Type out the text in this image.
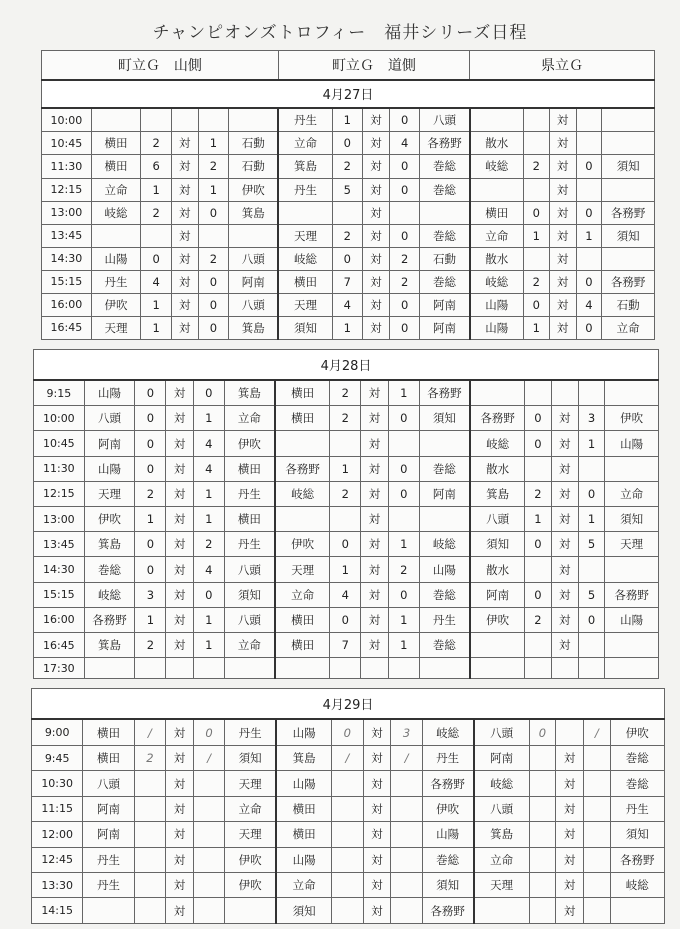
チャンピオンズトロフィー　福井シリーズ日程
町立Ｇ　山側						町立Ｇ　道側					県立Ｇ				
4月27日															
10:00						丹生	1	対	0	八頭			対		
10:45	横田	2	対	1	石動	立命	0	対	4	各務野	散水		対		
11:30	横田	6	対	2	石動	箕島	2	対	0	巻総	岐総	2	対	0	須知
12:15	立命	1	対	1	伊吹	丹生	5	対	0	巻総			対		
13:00	岐総	2	対	0	箕島			対			横田	0	対	0	各務野
13:45			対			天理	2	対	0	巻総	立命	1	対	1	須知
14:30	山陽	0	対	2	八頭	岐総	0	対	2	石動	散水		対		
15:15	丹生	4	対	0	阿南	横田	7	対	2	巻総	岐総	2	対	0	各務野
16:00	伊吹	1	対	0	八頭	天理	4	対	0	阿南	山陽	0	対	4	石動
16:45	天理	1	対	0	箕島	須知	1	対	0	阿南	山陽	1	対	0	立命
4月28日															
9:15	山陽	0	対	0	箕島	横田	2	対	1	各務野					
10:00	八頭	0	対	1	立命	横田	2	対	0	須知	各務野	0	対	3	伊吹
10:45	阿南	0	対	4	伊吹			対			岐総	0	対	1	山陽
11:30	山陽	0	対	4	横田	各務野	1	対	0	巻総	散水		対		
12:15	天理	2	対	1	丹生	岐総	2	対	0	阿南	箕島	2	対	0	立命
13:00	伊吹	1	対	1	横田			対			八頭	1	対	1	須知
13:45	箕島	0	対	2	丹生	伊吹	0	対	1	岐総	須知	0	対	5	天理
14:30	巻総	0	対	4	八頭	天理	1	対	2	山陽	散水		対		
15:15	岐総	3	対	0	須知	立命	4	対	0	巻総	阿南	0	対	5	各務野
16:00	各務野	1	対	1	八頭	横田	0	対	1	丹生	伊吹	2	対	0	山陽
16:45	箕島	2	対	1	立命	横田	7	対	1	巻総			対		
17:30															
4月29日															
9:00	横田	/	対	0	丹生	山陽	0	対	3	岐総	八頭	0		/	伊吹
9:45	横田	2	対	/	須知	箕島	/	対	/	丹生	阿南		対		巻総
10:30	八頭		対		天理	山陽		対		各務野	岐総		対		巻総
11:15	阿南		対		立命	横田		対		伊吹	八頭		対		丹生
12:00	阿南		対		天理	横田		対		山陽	箕島		対		須知
12:45	丹生		対		伊吹	山陽		対		巻総	立命		対		各務野
13:30	丹生		対		伊吹	立命		対		須知	天理		対		岐総
14:15			対			須知		対		各務野			対		
